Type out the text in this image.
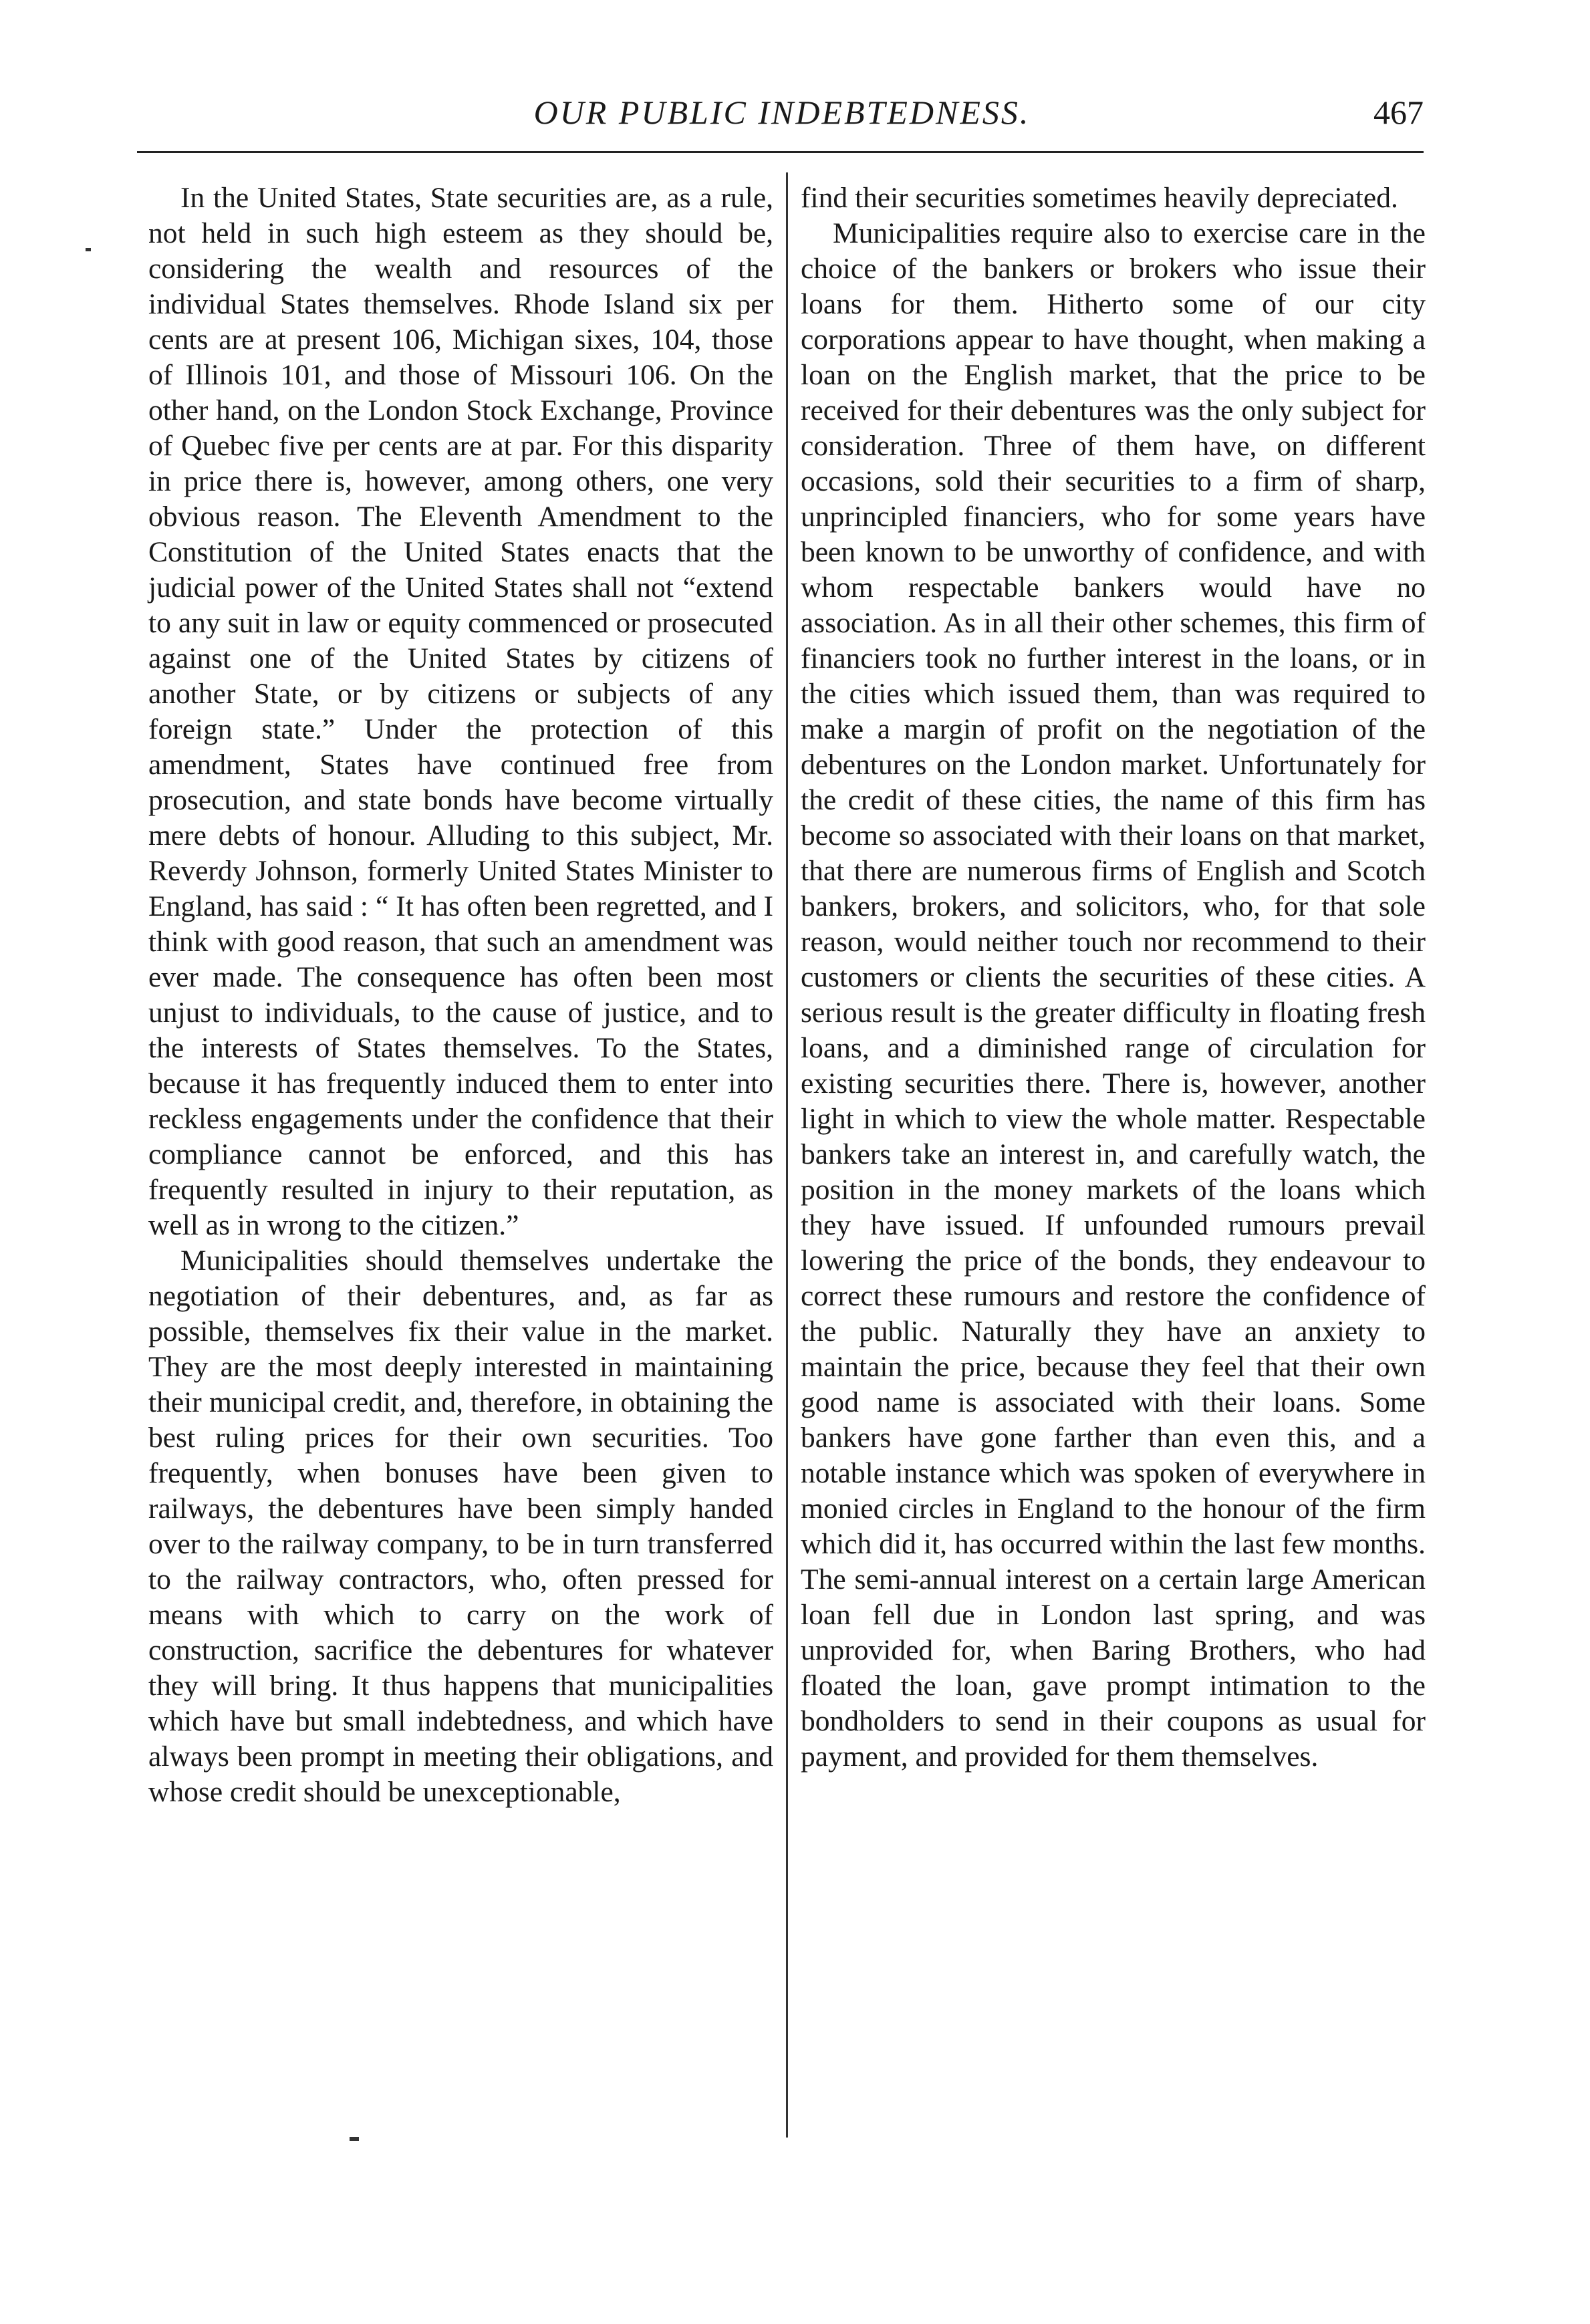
OUR PUBLIC INDEBTEDNESS.	467

In the United States, State securities are, as a rule, not held in such high esteem as they should be, considering the wealth and resources of the individual States themselves. Rhode Island six per cents are at present 106, Michigan sixes, 104, those of Illinois 101, and those of Missouri 106. On the other hand, on the London Stock Exchange, Province of Quebec five per cents are at par. For this disparity in price there is, however, among others, one very obvious reason. The Eleventh Amendment to the Constitution of the United States enacts that the judicial power of the United States shall not “extend to any suit in law or equity commenced or prosecuted against one of the United States by citizens of another State, or by citizens or subjects of any foreign state.” Under the protection of this amendment, States have continued free from prosecution, and state bonds have become virtually mere debts of honour. Alluding to this subject, Mr. Reverdy Johnson, formerly United States Minister to England, has said : “ It has often been regretted, and I think with good reason, that such an amendment was ever made. The consequence has often been most unjust to individuals, to the cause of justice, and to the interests of States themselves. To the States, because it has frequently induced them to enter into reckless engagements under the confidence that their compliance cannot be enforced, and this has frequently resulted in injury to their reputation, as well as in wrong to the citizen.”

Municipalities should themselves undertake the negotiation of their debentures, and, as far as possible, themselves fix their value in the market. They are the most deeply interested in maintaining their municipal credit, and, therefore, in obtaining the best ruling prices for their own securities. Too frequently, when bonuses have been given to railways, the debentures have been simply handed over to the railway company, to be in turn transferred to the railway contractors, who, often pressed for means with which to carry on the work of construction, sacrifice the debentures for whatever they will bring. It thus happens that municipalities which have but small indebtedness, and which have always been prompt in meeting their obligations, and whose credit should be unexceptionable,

find their securities sometimes heavily depreciated.

Municipalities require also to exercise care in the choice of the bankers or brokers who issue their loans for them. Hitherto some of our city corporations appear to have thought, when making a loan on the English market, that the price to be received for their debentures was the only subject for consideration. Three of them have, on different occasions, sold their securities to a firm of sharp, unprincipled financiers, who for some years have been known to be unworthy of confidence, and with whom respectable bankers would have no association. As in all their other schemes, this firm of financiers took no further interest in the loans, or in the cities which issued them, than was required to make a margin of profit on the negotiation of the debentures on the London market. Unfortunately for the credit of these cities, the name of this firm has become so associated with their loans on that market, that there are numerous firms of English and Scotch bankers, brokers, and solicitors, who, for that sole reason, would neither touch nor recommend to their customers or clients the securities of these cities. A serious result is the greater difficulty in floating fresh loans, and a diminished range of circulation for existing securities there. There is, however, another light in which to view the whole matter. Respectable bankers take an interest in, and carefully watch, the position in the money markets of the loans which they have issued. If unfounded rumours prevail lowering the price of the bonds, they endeavour to correct these rumours and restore the confidence of the public. Naturally they have an anxiety to maintain the price, because they feel that their own good name is associated with their loans. Some bankers have gone farther than even this, and a notable instance which was spoken of everywhere in monied circles in England to the honour of the firm which did it, has occurred within the last few months. The semi-annual interest on a certain large American loan fell due in London last spring, and was unprovided for, when Baring Brothers, who had floated the loan, gave prompt intimation to the bondholders to send in their coupons as usual for payment, and provided for them themselves.
